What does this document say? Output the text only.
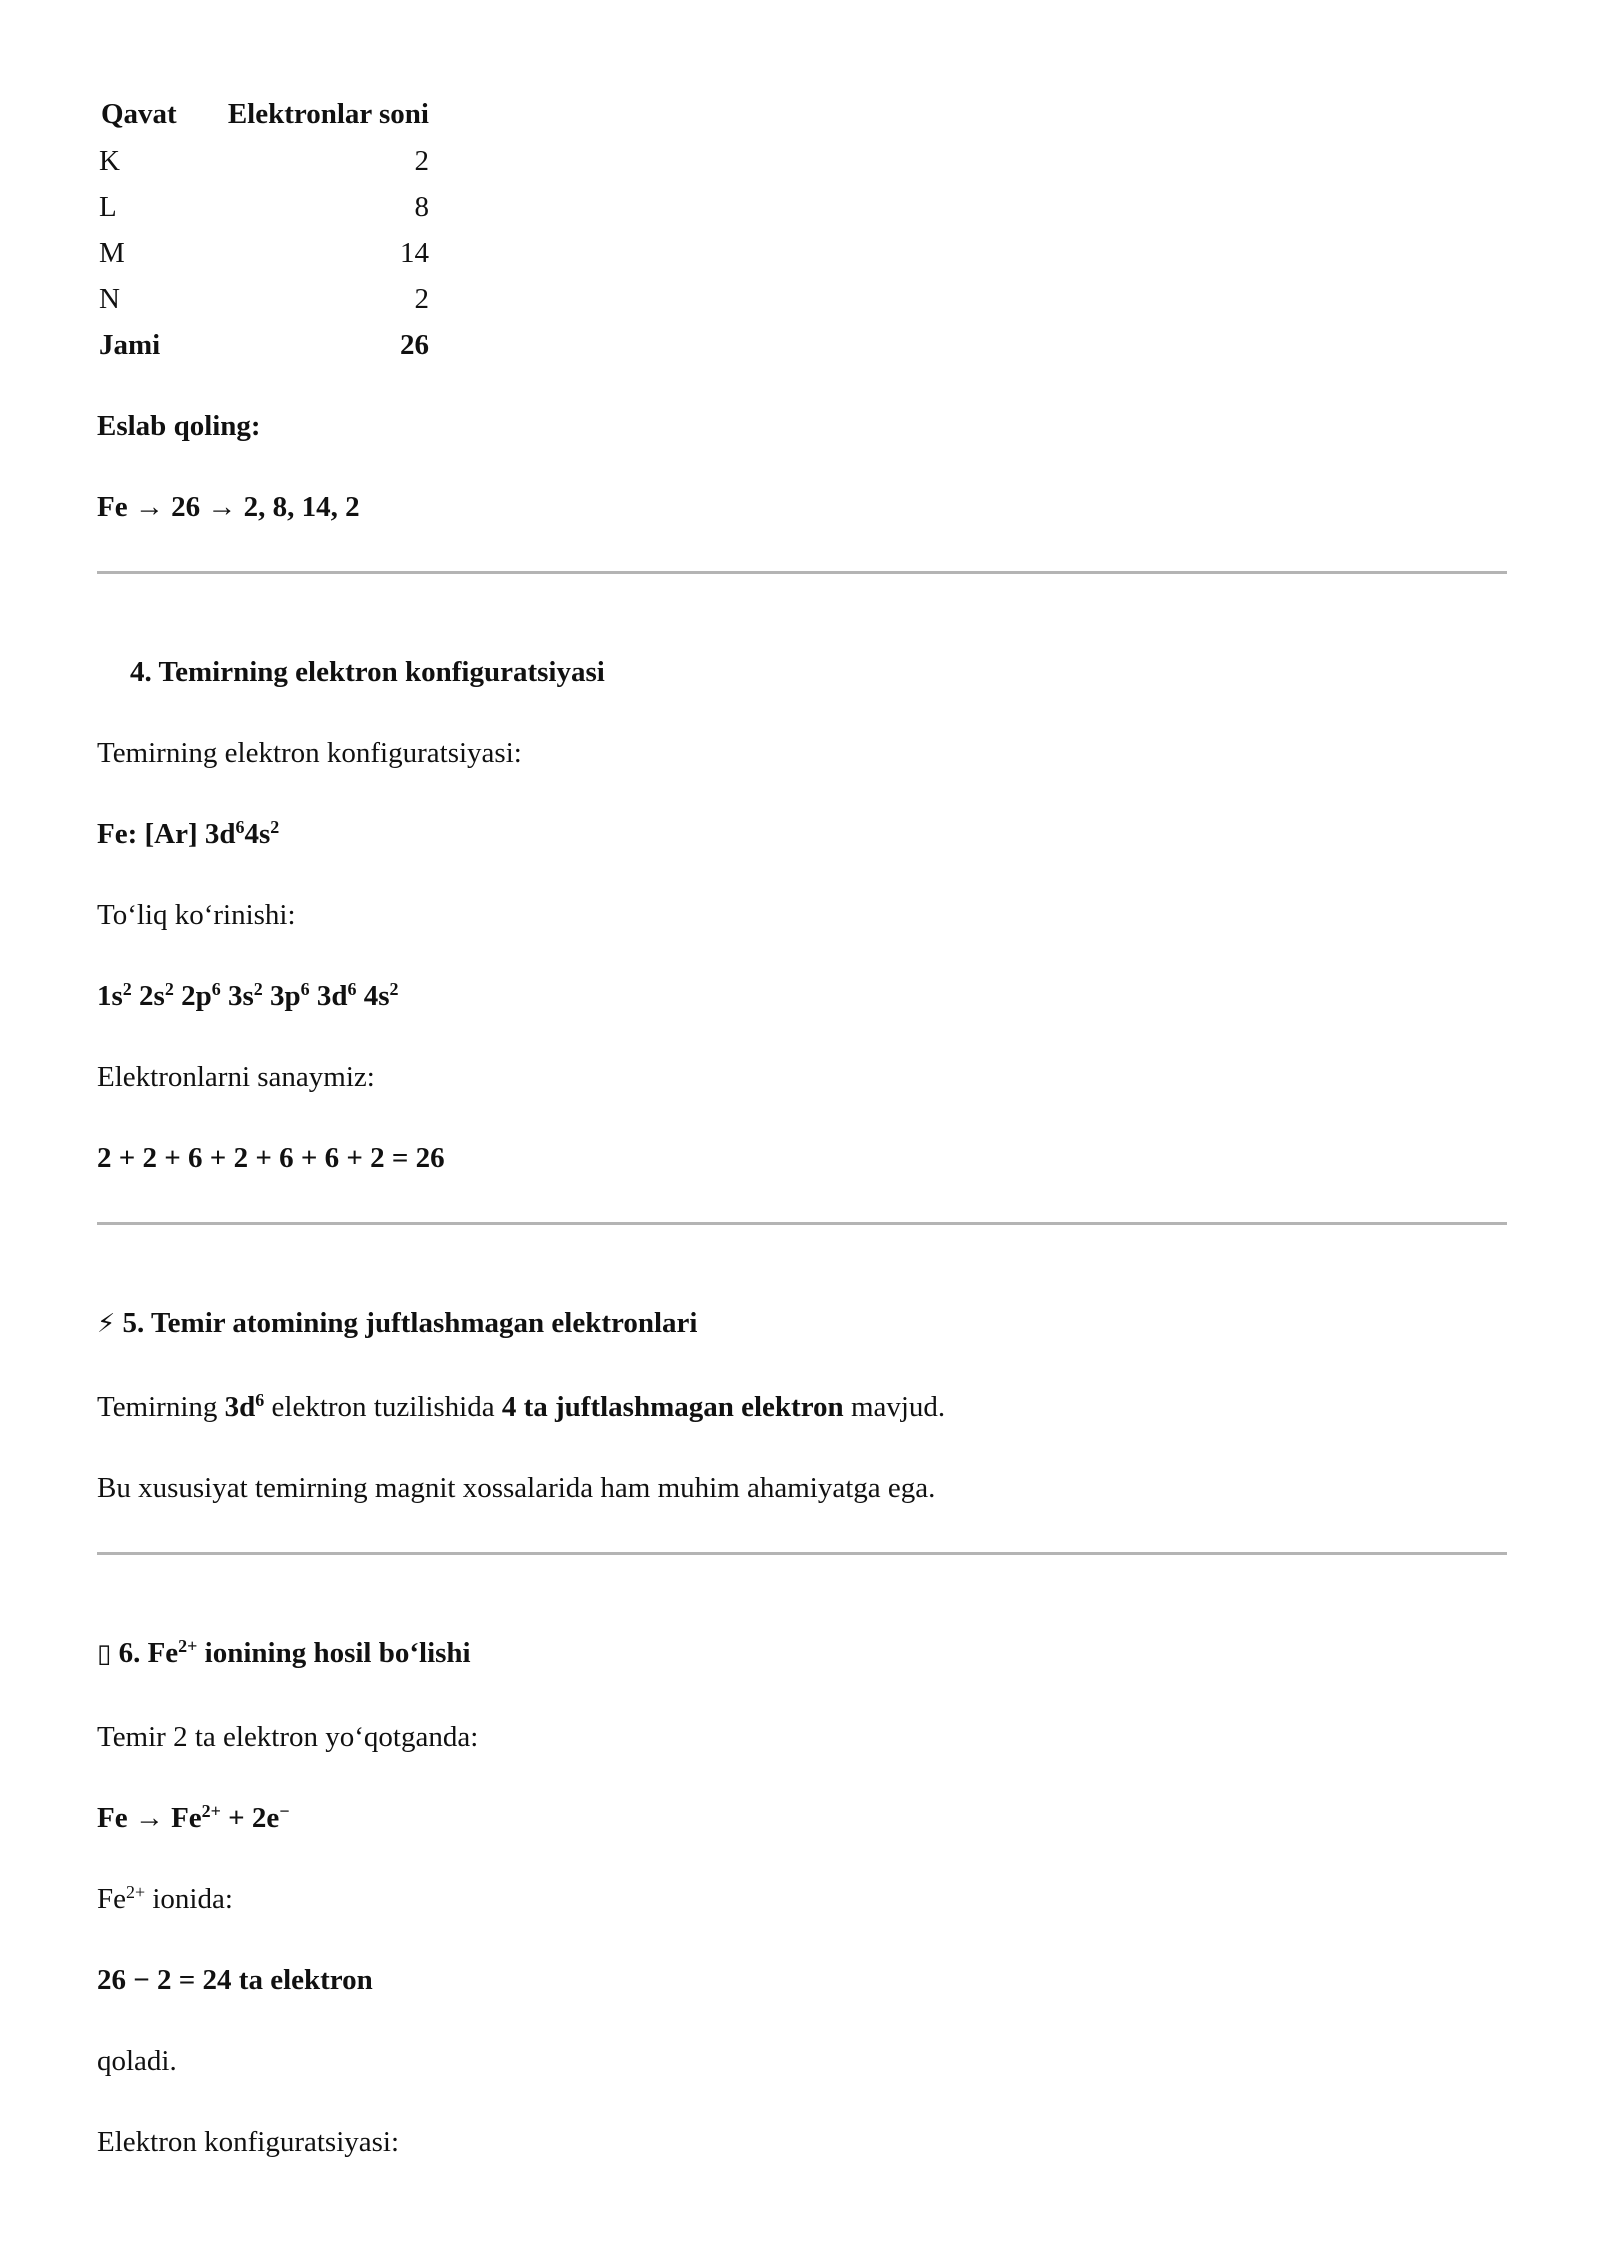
Qavat	Elektronlar soni
K	2
L	8
M	14
N	2
Jami	26

Eslab qoling:

Fe → 26 → 2, 8, 14, 2

4. Temirning elektron konfiguratsiyasi

Temirning elektron konfiguratsiyasi:

Fe: [Ar] $3d^64s^2$

To‘liq ko‘rinishi:

$1s^2$ $2s^2$ $2p^6$ $3s^2$ $3p^6$ $3d^6$ $4s^2$

Elektronlarni sanaymiz:

2 + 2 + 6 + 2 + 6 + 6 + 2 = 26

⚡ 5. Temir atomining juftlashmagan elektronlari

Temirning $3d^6$ elektron tuzilishida 4 ta juftlashmagan elektron mavjud.

Bu xususiyat temirning magnit xossalarida ham muhim ahamiyatga ega.

▯ 6. $Fe^{2+}$ ionining hosil bo‘lishi

Temir 2 ta elektron yo‘qotganda:

$Fe \to Fe^{2+} + 2e^-$

$Fe^{2+}$ ionida:

26 − 2 = 24 ta elektron

qoladi.

Elektron konfiguratsiyasi:
